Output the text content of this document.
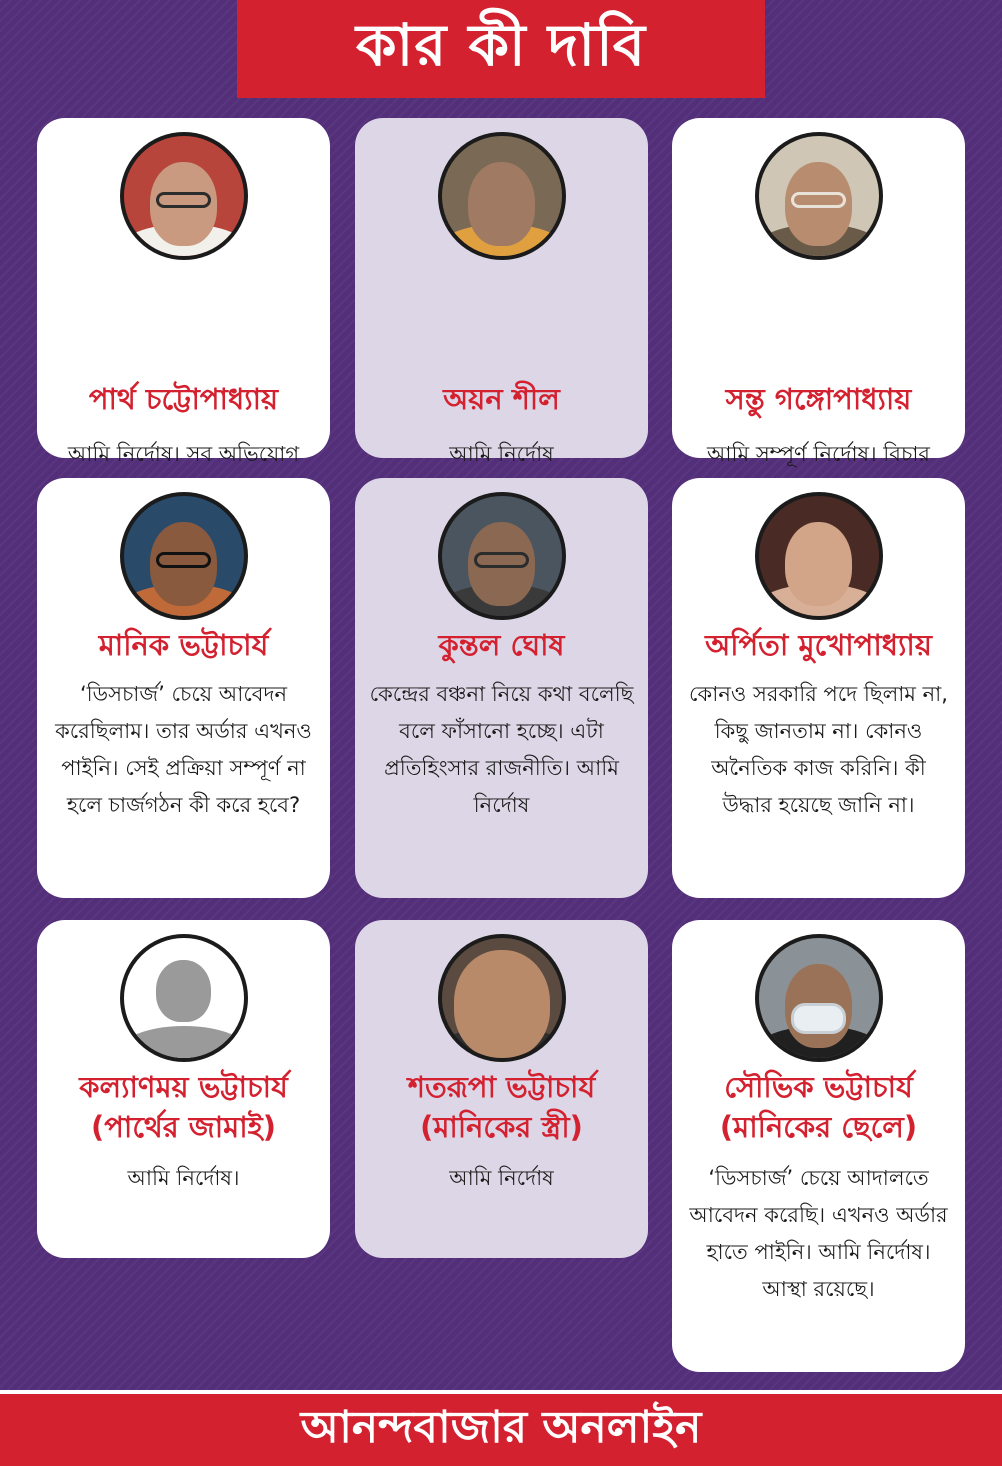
কার কী দাবি
পার্থ চট্টোপাধ্যায়
আমি নির্দোষ। সব অভিযোগ
অয়ন শীল
আমি নির্দোষ
সন্তু গঙ্গোপাধ্যায়
আমি সম্পূর্ণ নির্দোষ। বিচার
মানিক ভট্টাচার্য
‘ডিসচার্জ’ চেয়ে আবেদন করেছিলাম। তার অর্ডার এখনও পাইনি। সেই প্রক্রিয়া সম্পূর্ণ না হলে চার্জগঠন কী করে হবে?
কুন্তল ঘোষ
কেন্দ্রের বঞ্চনা নিয়ে কথা বলেছি বলে ফাঁসানো হচ্ছে। এটা প্রতিহিংসার রাজনীতি। আমি নির্দোষ
অর্পিতা মুখোপাধ্যায়
কোনও সরকারি পদে ছিলাম না, কিছু জানতাম না। কোনও অনৈতিক কাজ করিনি। কী উদ্ধার হয়েছে জানি না।
কল্যাণময় ভট্টাচার্য
(পার্থের জামাই)
আমি নির্দোষ।
শতরূপা ভট্টাচার্য
(মানিকের স্ত্রী)
আমি নির্দোষ
সৌভিক ভট্টাচার্য
(মানিকের ছেলে)
‘ডিসচার্জ’ চেয়ে আদালতে আবেদন করেছি। এখনও অর্ডার হাতে পাইনি। আমি নির্দোষ।আস্থা রয়েছে।
আনন্দবাজার অনলাইন
